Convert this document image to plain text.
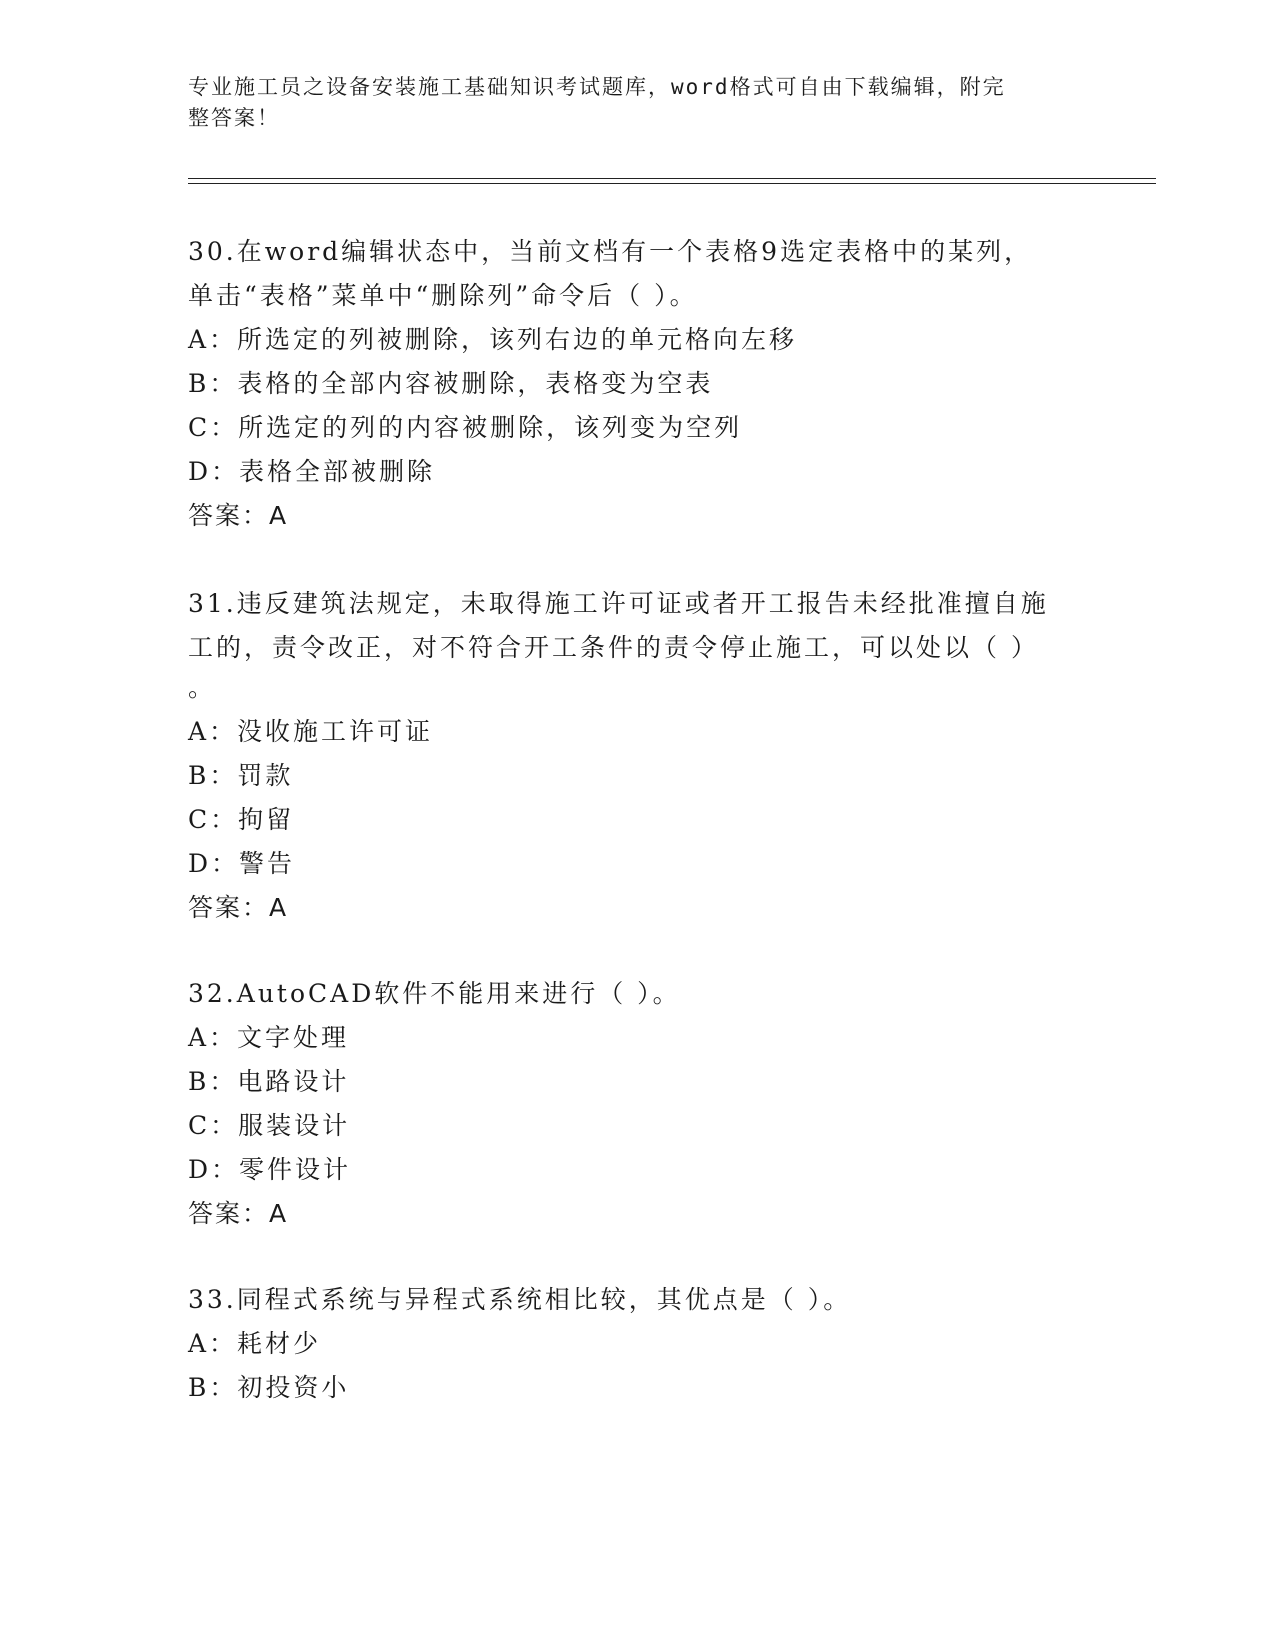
专业施工员之设备安装施工基础知识考试题库，word格式可自由下载编辑，附完
整答案！
30.在word编辑状态中，当前文档有一个表格9选定表格中的某列，
单击“表格”菜单中“删除列”命令后（ ）。
A：所选定的列被删除，该列右边的单元格向左移
B：表格的全部内容被删除，表格变为空表
C：所选定的列的内容被删除，该列变为空列
D：表格全部被删除
答案：A
31.违反建筑法规定，未取得施工许可证或者开工报告未经批准擅自施
工的，责令改正，对不符合开工条件的责令停止施工，可以处以（ ）
。
A：没收施工许可证
B：罚款
C：拘留
D：警告
答案：A
32.AutoCAD软件不能用来进行（ ）。
A：文字处理
B：电路设计
C：服装设计
D：零件设计
答案：A
33.同程式系统与异程式系统相比较，其优点是（ ）。
A：耗材少
B：初投资小
